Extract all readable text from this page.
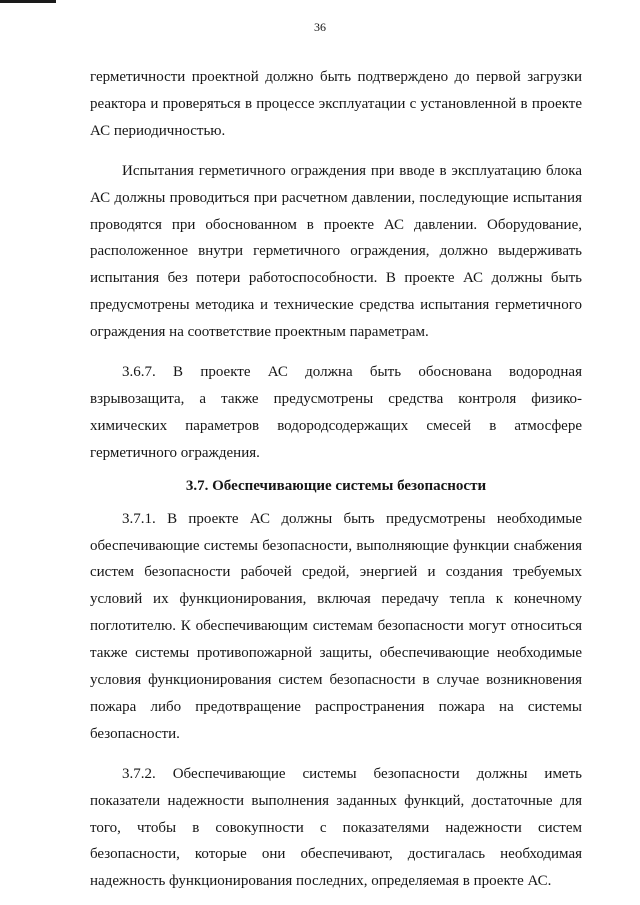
36

герметичности проектной должно быть подтверждено до первой загрузки реактора и проверяться в процессе эксплуатации с установленной в проекте АС периодичностью.

Испытания герметичного ограждения при вводе в эксплуатацию блока АС должны проводиться при расчетном давлении, последующие испытания проводятся при обоснованном в проекте АС давлении. Оборудование, расположенное внутри герметичного ограждения, должно выдерживать испытания без потери работоспособности. В проекте АС должны быть предусмотрены методика и технические средства испытания герметичного ограждения на соответствие проектным параметрам.

3.6.7. В проекте АС должна быть обоснована водородная взрывозащита, а также предусмотрены средства контроля физико-химических параметров водородсодержащих смесей в атмосфере герметичного ограждения.

3.7. Обеспечивающие системы безопасности

3.7.1. В проекте АС должны быть предусмотрены необходимые обеспечивающие системы безопасности, выполняющие функции снабжения систем безопасности рабочей средой, энергией и создания требуемых условий их функционирования, включая передачу тепла к конечному поглотителю. К обеспечивающим системам безопасности могут относиться также системы противопожарной защиты, обеспечивающие необходимые условия функционирования систем безопасности в случае возникновения пожара либо предотвращение распространения пожара на системы безопасности.

3.7.2. Обеспечивающие системы безопасности должны иметь показатели надежности выполнения заданных функций, достаточные для того, чтобы в совокупности с показателями надежности систем безопасности, которые они обеспечивают, достигалась необходимая надежность функционирования последних, определяемая в проекте АС.
